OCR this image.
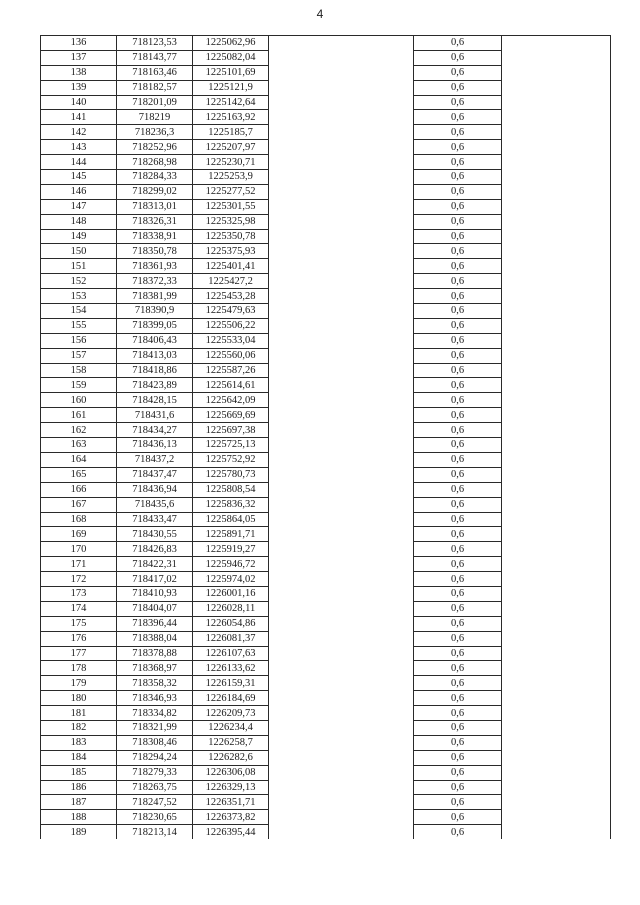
4
136	718123,53	1225062,96		0,6	
137	718143,77	1225082,04		0,6	
138	718163,46	1225101,69		0,6	
139	718182,57	1225121,9		0,6	
140	718201,09	1225142,64		0,6	
141	718219	1225163,92		0,6	
142	718236,3	1225185,7		0,6	
143	718252,96	1225207,97		0,6	
144	718268,98	1225230,71		0,6	
145	718284,33	1225253,9		0,6	
146	718299,02	1225277,52		0,6	
147	718313,01	1225301,55		0,6	
148	718326,31	1225325,98		0,6	
149	718338,91	1225350,78		0,6	
150	718350,78	1225375,93		0,6	
151	718361,93	1225401,41		0,6	
152	718372,33	1225427,2		0,6	
153	718381,99	1225453,28		0,6	
154	718390,9	1225479,63		0,6	
155	718399,05	1225506,22		0,6	
156	718406,43	1225533,04		0,6	
157	718413,03	1225560,06		0,6	
158	718418,86	1225587,26		0,6	
159	718423,89	1225614,61		0,6	
160	718428,15	1225642,09		0,6	
161	718431,6	1225669,69		0,6	
162	718434,27	1225697,38		0,6	
163	718436,13	1225725,13		0,6	
164	718437,2	1225752,92		0,6	
165	718437,47	1225780,73		0,6	
166	718436,94	1225808,54		0,6	
167	718435,6	1225836,32		0,6	
168	718433,47	1225864,05		0,6	
169	718430,55	1225891,71		0,6	
170	718426,83	1225919,27		0,6	
171	718422,31	1225946,72		0,6	
172	718417,02	1225974,02		0,6	
173	718410,93	1226001,16		0,6	
174	718404,07	1226028,11		0,6	
175	718396,44	1226054,86		0,6	
176	718388,04	1226081,37		0,6	
177	718378,88	1226107,63		0,6	
178	718368,97	1226133,62		0,6	
179	718358,32	1226159,31		0,6	
180	718346,93	1226184,69		0,6	
181	718334,82	1226209,73		0,6	
182	718321,99	1226234,4		0,6	
183	718308,46	1226258,7		0,6	
184	718294,24	1226282,6		0,6	
185	718279,33	1226306,08		0,6	
186	718263,75	1226329,13		0,6	
187	718247,52	1226351,71		0,6	
188	718230,65	1226373,82		0,6	
189	718213,14	1226395,44		0,6	
